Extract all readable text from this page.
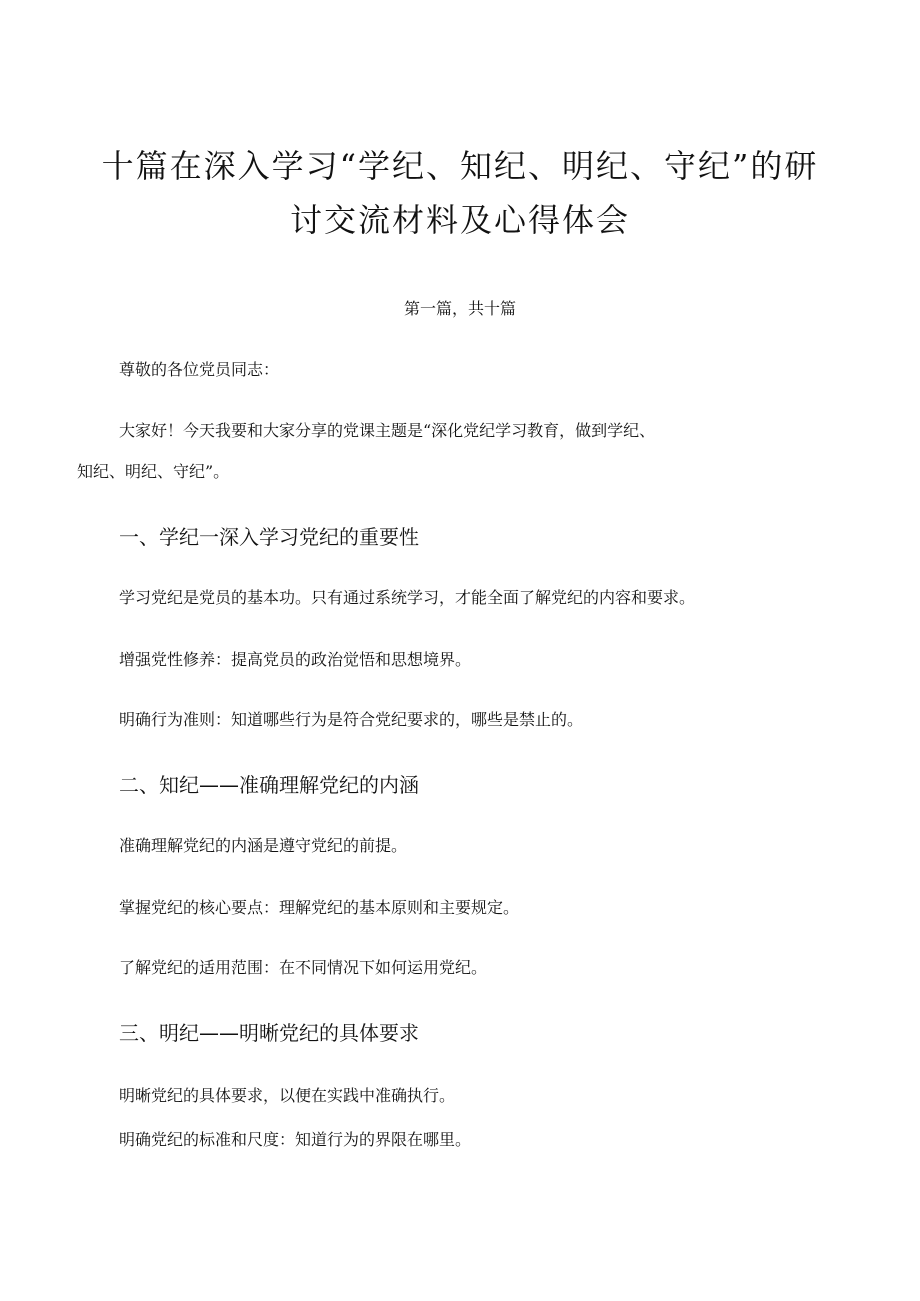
十篇在深入学习“学纪、知纪、明纪、守纪”的研
讨交流材料及心得体会
第一篇，共十篇
尊敬的各位党员同志：
大家好！今天我要和大家分享的党课主题是“深化党纪学习教育，做到学纪、
知纪、明纪、守纪”。
一、学纪一深入学习党纪的重要性
学习党纪是党员的基本功。只有通过系统学习，才能全面了解党纪的内容和要求。
增强党性修养：提高党员的政治觉悟和思想境界。
明确行为准则：知道哪些行为是符合党纪要求的，哪些是禁止的。
二、知纪——准确理解党纪的内涵
准确理解党纪的内涵是遵守党纪的前提。
掌握党纪的核心要点：理解党纪的基本原则和主要规定。
了解党纪的适用范围：在不同情况下如何运用党纪。
三、明纪——明晰党纪的具体要求
明晰党纪的具体要求，以便在实践中准确执行。
明确党纪的标准和尺度：知道行为的界限在哪里。
